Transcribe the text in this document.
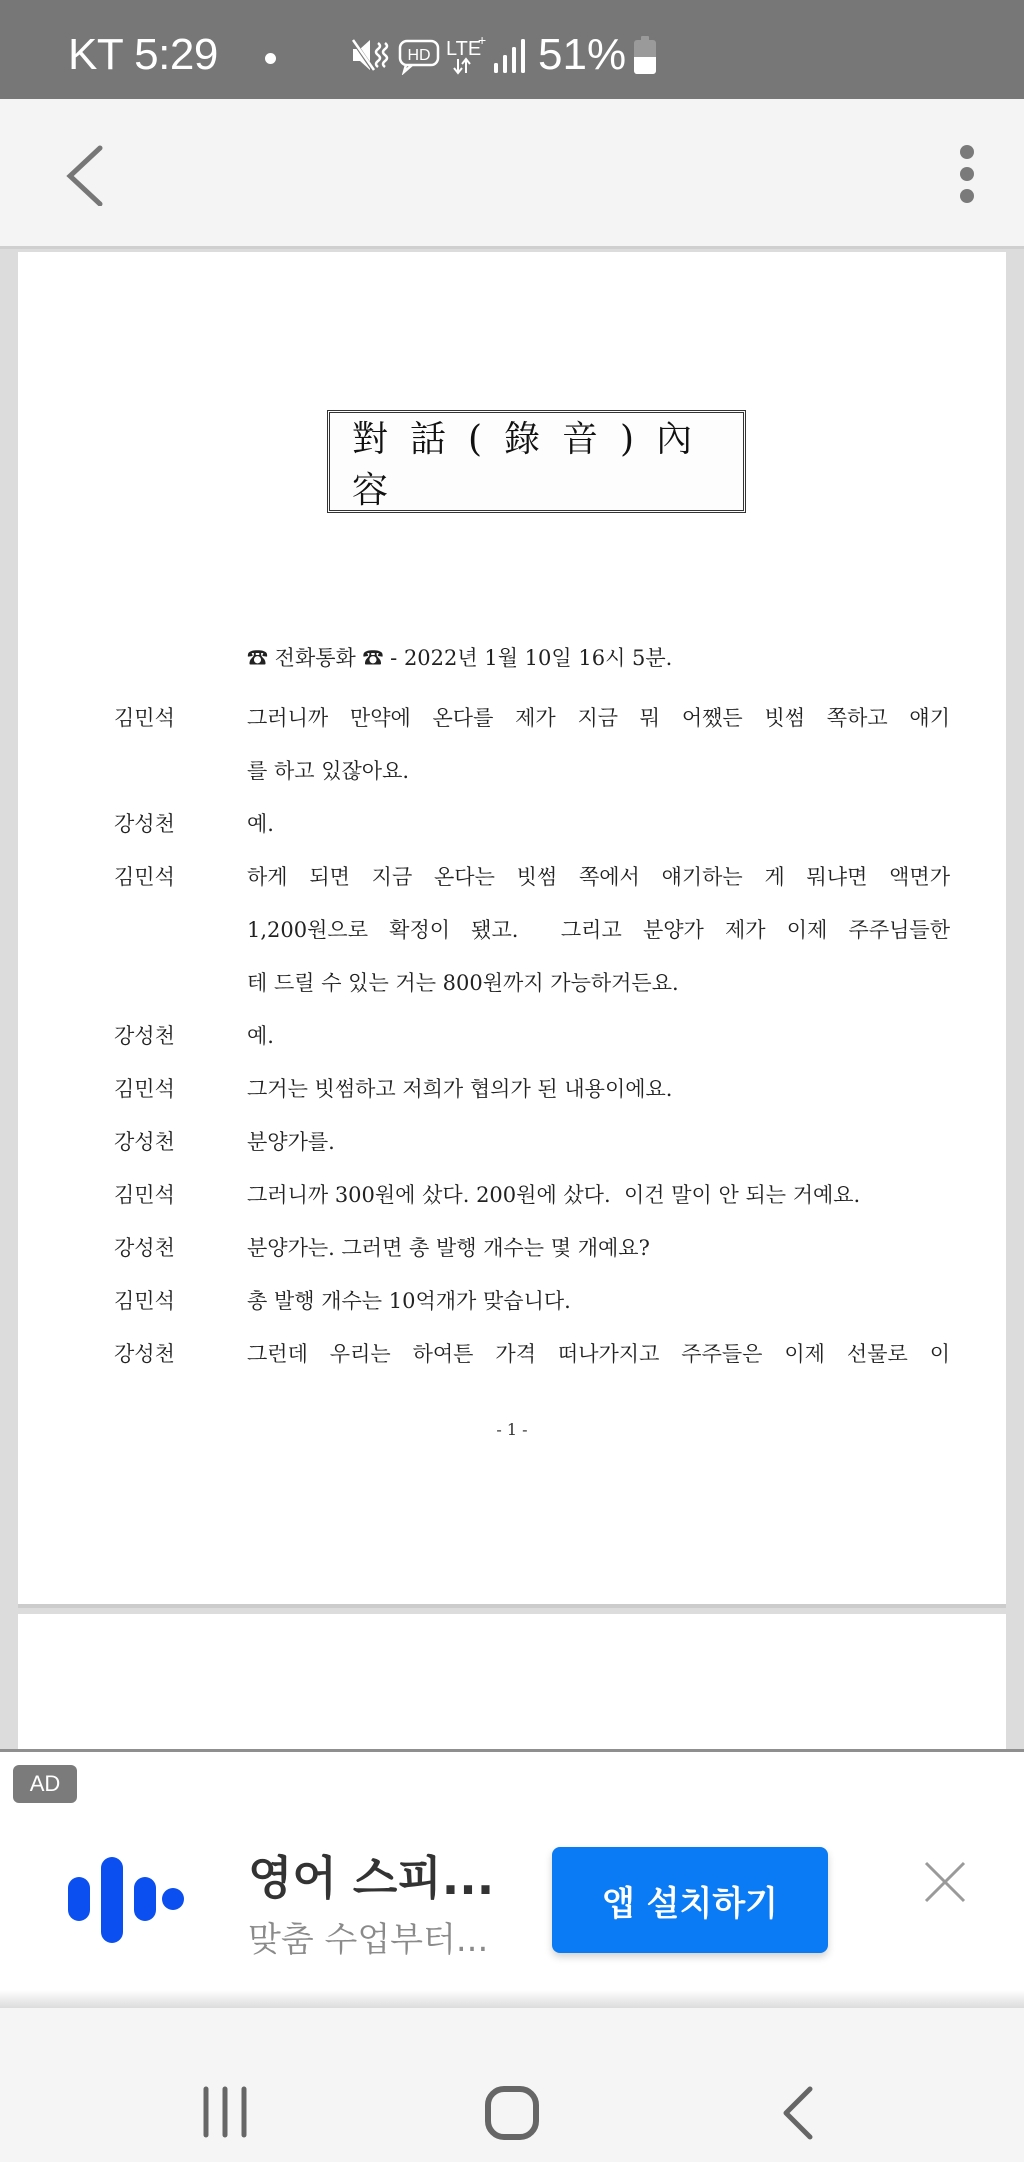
KT 5:29	HD LTE
+ 51%
對話(錄音)內容
☎ 전화통화 ☎ - 2022년 1월 10일 16시 5분.
김민석	그러니까 만약에 온다를 제가 지금 뭐 어쨌든 빗썸 쪽하고 얘기
를 하고 있잖아요.
강성천	예.
김민석	하게 되면 지금 온다는 빗썸 쪽에서 얘기하는 게 뭐냐면 액면가
1,200원으로 확정이 됐고.  그리고 분양가 제가 이제 주주님들한
테 드릴 수 있는 거는 800원까지 가능하거든요.
강성천	예.
김민석	그거는 빗썸하고 저희가 협의가 된 내용이에요.
강성천	분양가를.
김민석	그러니까 300원에 샀다. 200원에 샀다.  이건 말이 안 되는 거예요.
강성천	분양가는. 그러면 총 발행 개수는 몇 개예요?
김민석	총 발행 개수는 10억개가 맞습니다.
강성천	그런데 우리는 하여튼 가격 떠나가지고 주주들은 이제 선물로 이
- 1 -
AD
영어 스피...
맞춤 수업부터...
앱 설치하기
